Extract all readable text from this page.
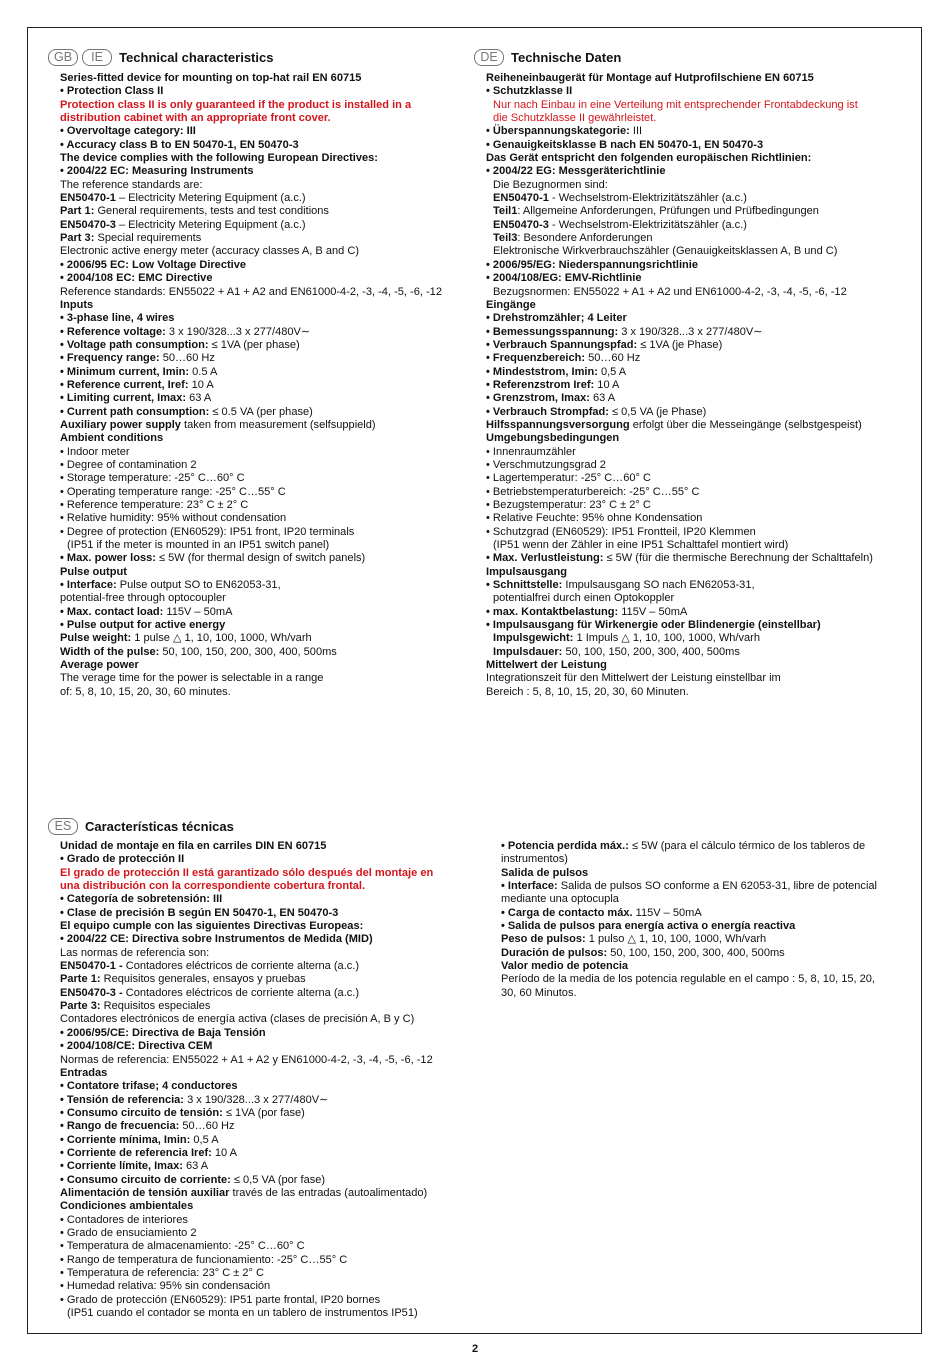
GB	IE	Technical characteristics
Series-fitted device for mounting on top-hat rail EN 60715
• Protection Class II
Protection class II is only guaranteed if the product is installed in a
distribution cabinet with an appropriate front cover.
• Overvoltage category: III
• Accuracy class B to EN 50470-1, EN 50470-3
The device complies with the following European Directives:
• 2004/22 EC: Measuring Instruments
The reference standards are:
EN50470-1 – Electricity Metering Equipment (a.c.)
Part 1: General requirements, tests and test conditions
EN50470-3 – Electricity Metering Equipment (a.c.)
Part 3: Special requirements
Electronic active energy meter (accuracy classes A, B and C)
• 2006/95 EC: Low Voltage Directive
• 2004/108 EC: EMC Directive
Reference standards: EN55022 + A1 + A2 and EN61000-4-2, -3, -4, -5, -6, -12
Inputs
• 3-phase line, 4 wires
• Reference voltage: 3 x 190/328...3 x 277/480V∼
• Voltage path consumption: ≤ 1VA (per phase)
• Frequency range: 50…60 Hz
• Minimum current, Imin: 0.5 A
• Reference current, Iref: 10 A
• Limiting current, Imax: 63 A
• Current path consumption: ≤ 0.5 VA (per phase)
Auxiliary power supply taken from measurement (selfsuppield)
Ambient conditions
• Indoor meter
• Degree of contamination 2
• Storage temperature: -25° C…60° C
• Operating temperature range: -25° C…55° C
• Reference temperature: 23° C ± 2° C
• Relative humidity: 95% without condensation
• Degree of protection (EN60529): IP51 front, IP20 terminals
(IP51 if the meter is mounted in an IP51 switch panel)
• Max. power loss: ≤ 5W (for thermal design of switch panels)
Pulse output
• Interface: Pulse output SO to EN62053-31,
potential-free through optocoupler
• Max. contact load: 115V – 50mA
• Pulse output for active energy
Pulse weight: 1 pulse △ 1, 10, 100, 1000, Wh/varh
Width of the pulse: 50, 100, 150, 200, 300, 400, 500ms
Average power
The verage time for the power is selectable in a range
of: 5, 8, 10, 15, 20, 30, 60 minutes.
DE	Technische Daten
Reiheneinbaugerät für Montage auf Hutprofilschiene EN 60715
• Schutzklasse II
Nur nach Einbau in eine Verteilung mit entsprechender Frontabdeckung ist
die Schutzklasse II gewährleistet.
• Überspannungskategorie: III
• Genauigkeitsklasse B nach EN 50470-1, EN 50470-3
Das Gerät entspricht den folgenden europäischen Richtlinien:
• 2004/22 EG: Messgeräterichtlinie
Die Bezugnormen sind:
EN50470-1 - Wechselstrom-Elektrizitätszähler (a.c.)
Teil1: Allgemeine Anforderungen, Prüfungen und Prüfbedingungen
EN50470-3 - Wechselstrom-Elektrizitätszähler (a.c.)
Teil3: Besondere Anforderungen
Elektronische Wirkverbrauchszähler (Genauigkeitsklassen A, B und C)
• 2006/95/EG: Niederspannungsrichtlinie
• 2004/108/EG: EMV-Richtlinie
Bezugsnormen: EN55022 + A1 + A2 und EN61000-4-2, -3, -4, -5, -6, -12
Eingänge
• Drehstromzähler; 4 Leiter
• Bemessungsspannung: 3 x 190/328...3 x 277/480V∼
• Verbrauch Spannungspfad: ≤ 1VA (je Phase)
• Frequenzbereich: 50…60 Hz
• Mindeststrom, Imin: 0,5 A
• Referenzstrom Iref: 10 A
• Grenzstrom, Imax: 63 A
• Verbrauch Strompfad: ≤ 0,5 VA (je Phase)
Hilfsspannungsversorgung erfolgt über die Messeingänge (selbstgespeist)
Umgebungsbedingungen
• Innenraumzähler
• Verschmutzungsgrad 2
• Lagertemperatur: -25° C…60° C
• Betriebstemperaturbereich: -25° C…55° C
• Bezugstemperatur: 23° C ± 2° C
• Relative Feuchte: 95% ohne Kondensation
• Schutzgrad (EN60529): IP51 Frontteil, IP20 Klemmen
(IP51 wenn der Zähler in eine IP51 Schalttafel montiert wird)
• Max. Verlustleistung: ≤ 5W (für die thermische Berechnung der Schalttafeln)
Impulsausgang
• Schnittstelle: Impulsausgang SO nach EN62053-31,
potentialfrei durch einen Optokoppler
• max. Kontaktbelastung: 115V – 50mA
• Impulsausgang für Wirkenergie oder Blindenergie (einstellbar)
Impulsgewicht: 1 Impuls △ 1, 10, 100, 1000, Wh/varh
Impulsdauer: 50, 100, 150, 200, 300, 400, 500ms
Mittelwert der Leistung
Integrationszeit für den Mittelwert der Leistung einstellbar im
Bereich : 5, 8, 10, 15, 20, 30, 60 Minuten.
ES	Características técnicas
Unidad de montaje en fila en carriles DIN EN 60715
• Grado de protección II
El grado de protección II está garantizado sólo después del montaje en
una distribución con la correspondiente cobertura frontal.
• Categoría de sobretensión: III
• Clase de precisión B según EN 50470-1, EN 50470-3
El equipo cumple con las siguientes Directivas Europeas:
• 2004/22 CE: Directiva sobre Instrumentos de Medida (MID)
Las normas de referencia son:
EN50470-1 - Contadores eléctricos de corriente alterna (a.c.)
Parte 1: Requisitos generales, ensayos y pruebas
EN50470-3 - Contadores eléctricos de corriente alterna (a.c.)
Parte 3: Requisitos especiales
Contadores electrónicos de energía activa (clases de precisión A, B y C)
• 2006/95/CE: Directiva de Baja Tensión
• 2004/108/CE: Directiva CEM
Normas de referencia: EN55022 + A1 + A2 y EN61000-4-2, -3, -4, -5, -6, -12
Entradas
• Contatore trifase; 4 conductores
• Tensión de referencia: 3 x 190/328...3 x 277/480V∼
• Consumo circuito de tensión: ≤ 1VA (por fase)
• Rango de frecuencia: 50…60 Hz
• Corriente mínima, Imin: 0,5 A
• Corriente de referencia Iref: 10 A
• Corriente límite, Imax: 63 A
• Consumo circuito de corriente: ≤ 0,5 VA (por fase)
Alimentación de tensión auxiliar través de las entradas (autoalimentado)
Condiciones ambientales
• Contadores de interiores
• Grado de ensuciamiento 2
• Temperatura de almacenamiento: -25° C…60° C
• Rango de temperatura de funcionamiento: -25° C…55° C
• Temperatura de referencia: 23° C ± 2° C
• Humedad relativa: 95% sin condensación
• Grado de protección (EN60529): IP51 parte frontal, IP20 bornes
(IP51 cuando el contador se monta en un tablero de instrumentos IP51)
• Potencia perdida máx.: ≤ 5W (para el cálculo térmico de los tableros de
instrumentos)
Salida de pulsos
• Interface: Salida de pulsos SO conforme a EN 62053-31, libre de potencial
mediante una optocupla
• Carga de contacto máx. 115V – 50mA
• Salida de pulsos para energía activa o energía reactiva
Peso de pulsos: 1 pulso △ 1, 10, 100, 1000, Wh/varh
Duración de pulsos: 50, 100, 150, 200, 300, 400, 500ms
Valor medio de potencia
Período de la media de los potencia regulable en el campo : 5, 8, 10, 15, 20,
30, 60 Minutos.
2
